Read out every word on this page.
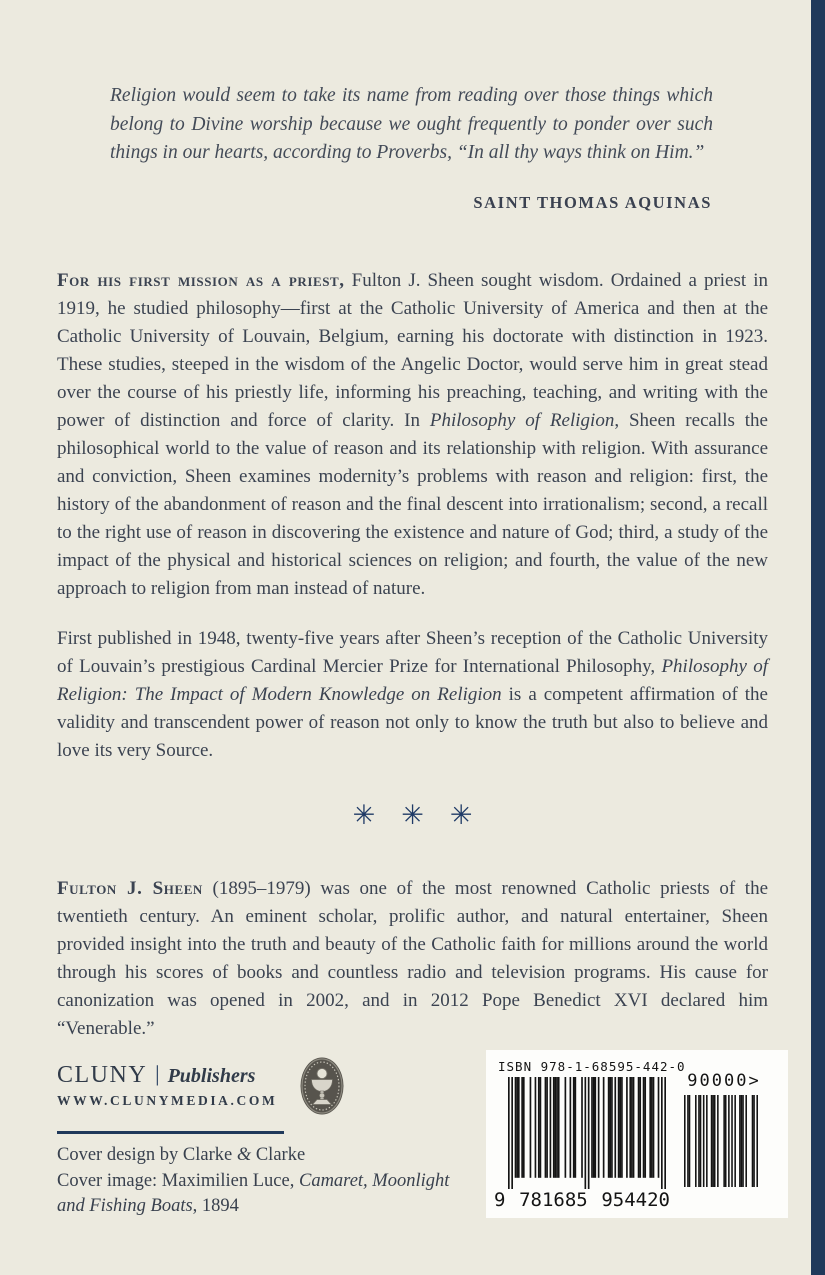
Religion would seem to take its name from reading over those things which belong to Divine worship because we ought frequently to ponder over such things in our hearts, according to Proverbs, “In all thy ways think on Him.”
SAINT THOMAS AQUINAS
For his first mission as a priest, Fulton J. Sheen sought wisdom. Ordained a priest in 1919, he studied philosophy—first at the Catholic University of America and then at the Catholic University of Louvain, Belgium, earning his doctorate with distinction in 1923. These studies, steeped in the wisdom of the Angelic Doctor, would serve him in great stead over the course of his priestly life, informing his preaching, teaching, and writing with the power of distinction and force of clarity. In Philosophy of Religion, Sheen recalls the philosophical world to the value of reason and its relationship with religion. With assurance and conviction, Sheen examines modernity’s problems with reason and religion: first, the history of the abandonment of reason and the final descent into irrationalism; second, a recall to the right use of reason in discovering the existence and nature of God; third, a study of the impact of the physical and historical sciences on religion; and fourth, the value of the new approach to religion from man instead of nature.
First published in 1948, twenty-five years after Sheen’s reception of the Catholic University of Louvain’s prestigious Cardinal Mercier Prize for International Philosophy, Philosophy of Religion: The Impact of Modern Knowledge on Religion is a competent affirmation of the validity and transcendent power of reason not only to know the truth but also to believe and love its very Source.
✳ ✳ ✳
Fulton J. Sheen (1895–1979) was one of the most renowned Catholic priests of the twentieth century. An eminent scholar, prolific author, and natural entertainer, Sheen provided insight into the truth and beauty of the Catholic faith for millions around the world through his scores of books and countless radio and television programs. His cause for canonization was opened in 2002, and in 2012 Pope Benedict XVI declared him “Venerable.”
CLUNY | Publishers
WWW.CLUNYMEDIA.COM
Cover design by Clarke & Clarke
Cover image: Maximilien Luce, Camaret, Moonlight and Fishing Boats, 1894
ISBN 978-1-68595-442-0
9 781685 954420
90000>
